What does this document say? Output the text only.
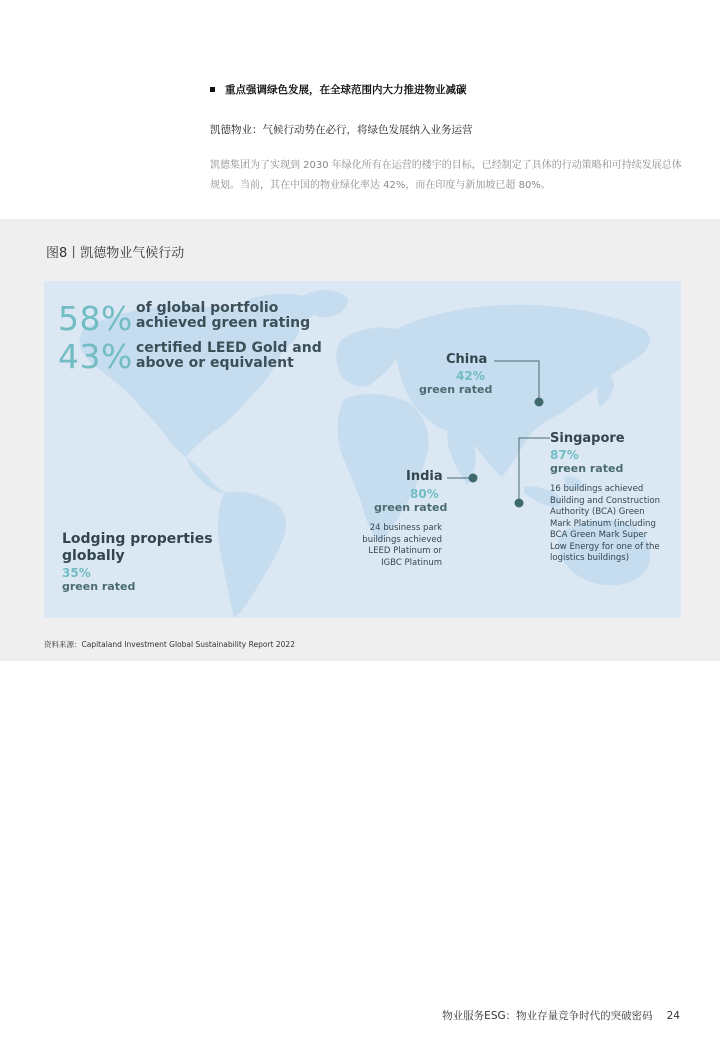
重点强调绿色发展，在全球范围内大力推进物业减碳
凯德物业：气候行动势在必行，将绿色发展纳入业务运营
凯德集团为了实现到 2030 年绿化所有在运营的楼宇的目标，已经制定了具体的行动策略和可持续发展总体规划。当前，其在中国的物业绿化率达 42%，而在印度与新加坡已超 80%。
图8丨凯德物业气候行动
58% of global portfolio
achieved green rating
43% certified LEED Gold and
above or equivalent	China
42%
green rated
Singapore
87%
green rated
16 buildings achieved
Building and Construction
Authority (BCA) Green
Mark Platinum (including
BCA Green Mark Super
Low Energy for one of the
logistics buildings)
India
80%
green rated
24 business park
buildings achieved
LEED Platinum or
IGBC Platinum
Lodging properties
globally
35%
green rated
资料来源：Capitaland Investment Global Sustainability Report 2022
物业服务ESG：物业存量竞争时代的突破密码 24
